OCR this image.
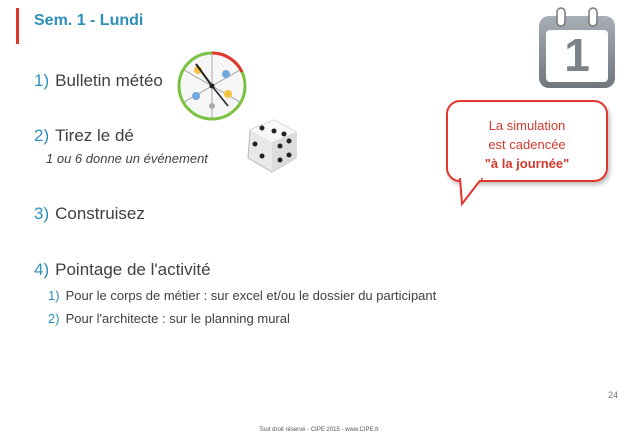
Sem. 1 - Lundi
1) Bulletin météo
2) Tirez le dé
1 ou 6 donne un événement
3) Construisez
4) Pointage de l'activité
1) Pour le corps de métier : sur excel et/ou le dossier du participant
2) Pour l'architecte : sur le planning mural
1
La simulation
est cadencée
"à la journée"
24
Tout droit réservé - CIPE 2015 - www.CIPE.fr
